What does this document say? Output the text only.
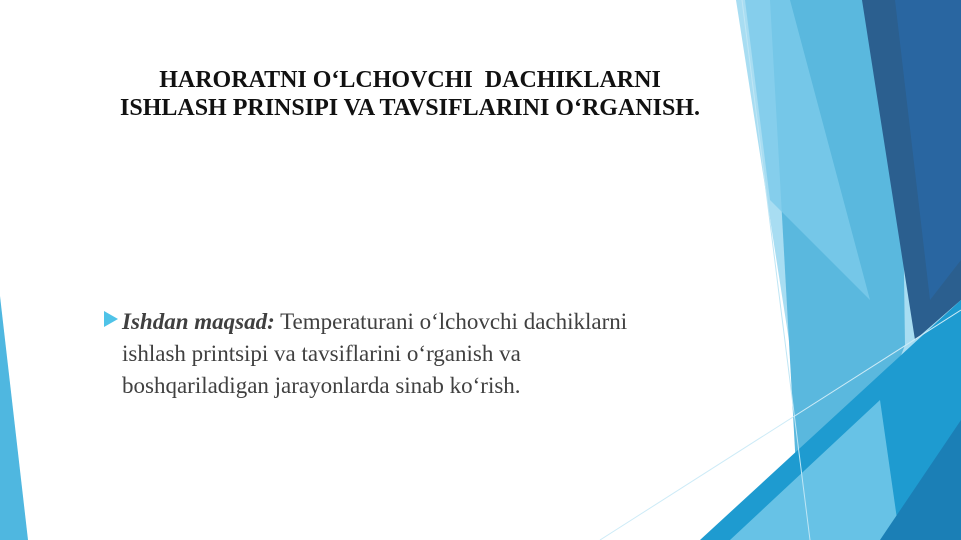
HARORATNI O‘LCHOVCHI  DACHIKLARNI
ISHLASH PRINSIPI VA TAVSIFLARINI O‘RGANISH.

Ishdan maqsad: Temperaturani o‘lchovchi dachiklarni
ishlash printsipi va tavsiflarini o‘rganish va
boshqariladigan jarayonlarda sinab ko‘rish.
